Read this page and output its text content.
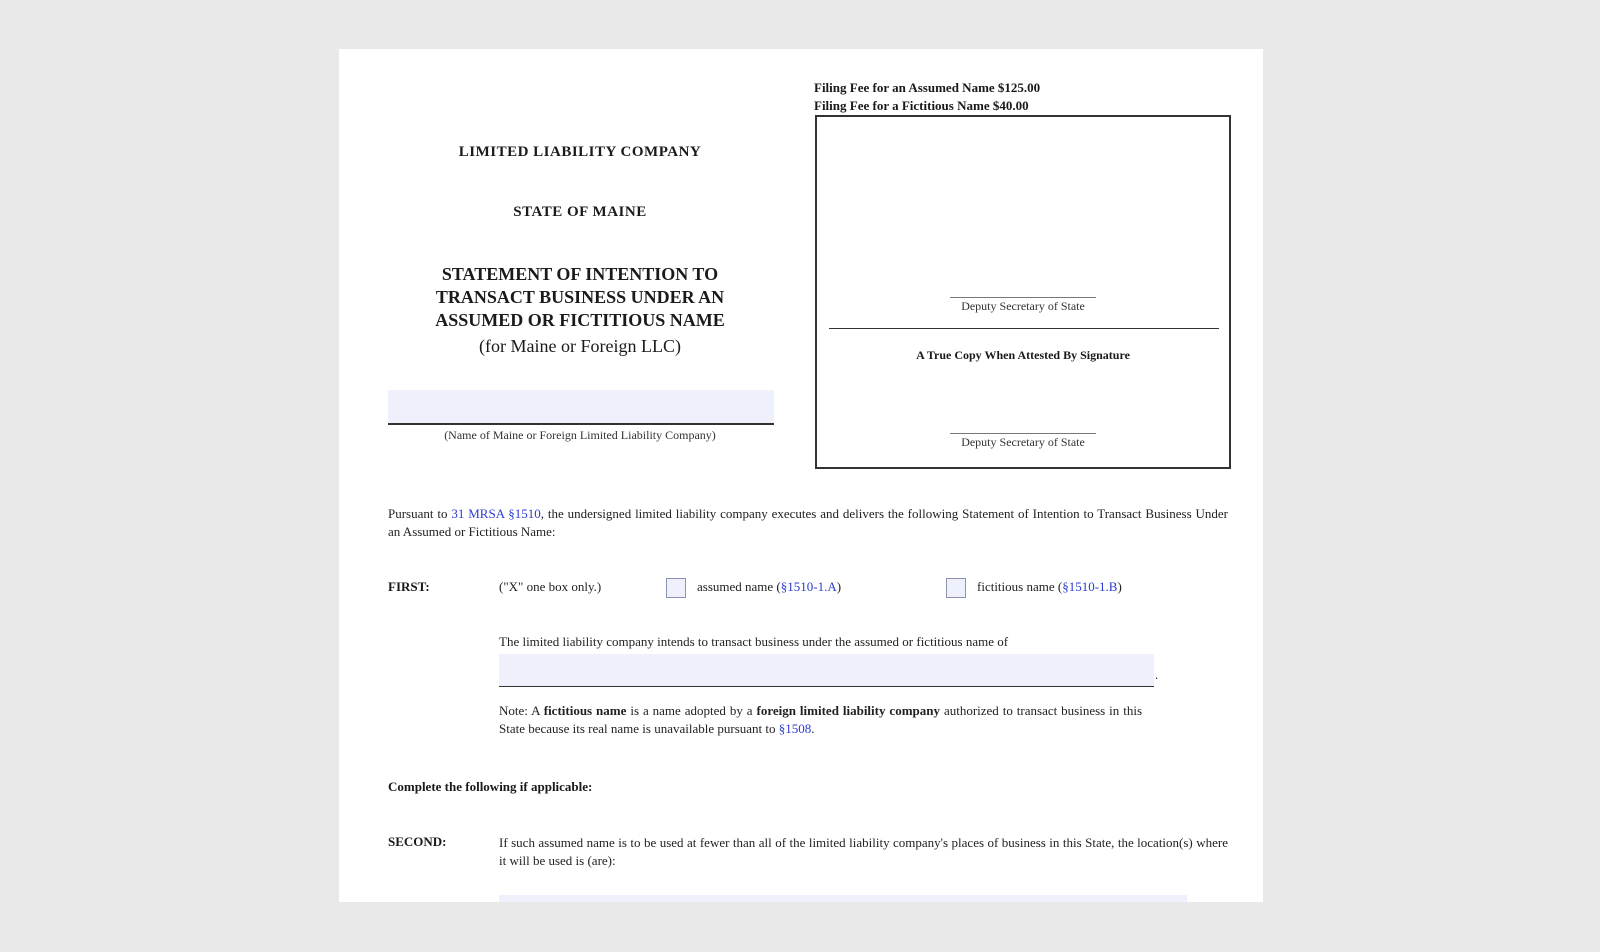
Filing Fee for an Assumed Name $125.00
Filing Fee for a Fictitious Name $40.00
Deputy Secretary of State
A True Copy When Attested By Signature
Deputy Secretary of State
LIMITED LIABILITY COMPANY
STATE OF MAINE
STATEMENT OF INTENTION TO
TRANSACT BUSINESS UNDER AN
ASSUMED OR FICTITIOUS NAME
(for Maine or Foreign LLC)
(Name of Maine or Foreign Limited Liability Company)
Pursuant to 31 MRSA §1510, the undersigned limited liability company executes and delivers the following Statement of Intention to Transact Business Under an Assumed or Fictitious Name:
FIRST:	("X" one box only.)	assumed name (§1510-1.A)	fictitious name (§1510-1.B)
The limited liability company intends to transact business under the assumed or fictitious name of
.
Note: A fictitious name is a name adopted by a foreign limited liability company authorized to transact business in this State because its real name is unavailable pursuant to §1508.
Complete the following if applicable:
SECOND:	If such assumed name is to be used at fewer than all of the limited liability company's places of business in this State, the location(s) where it will be used is (are):
